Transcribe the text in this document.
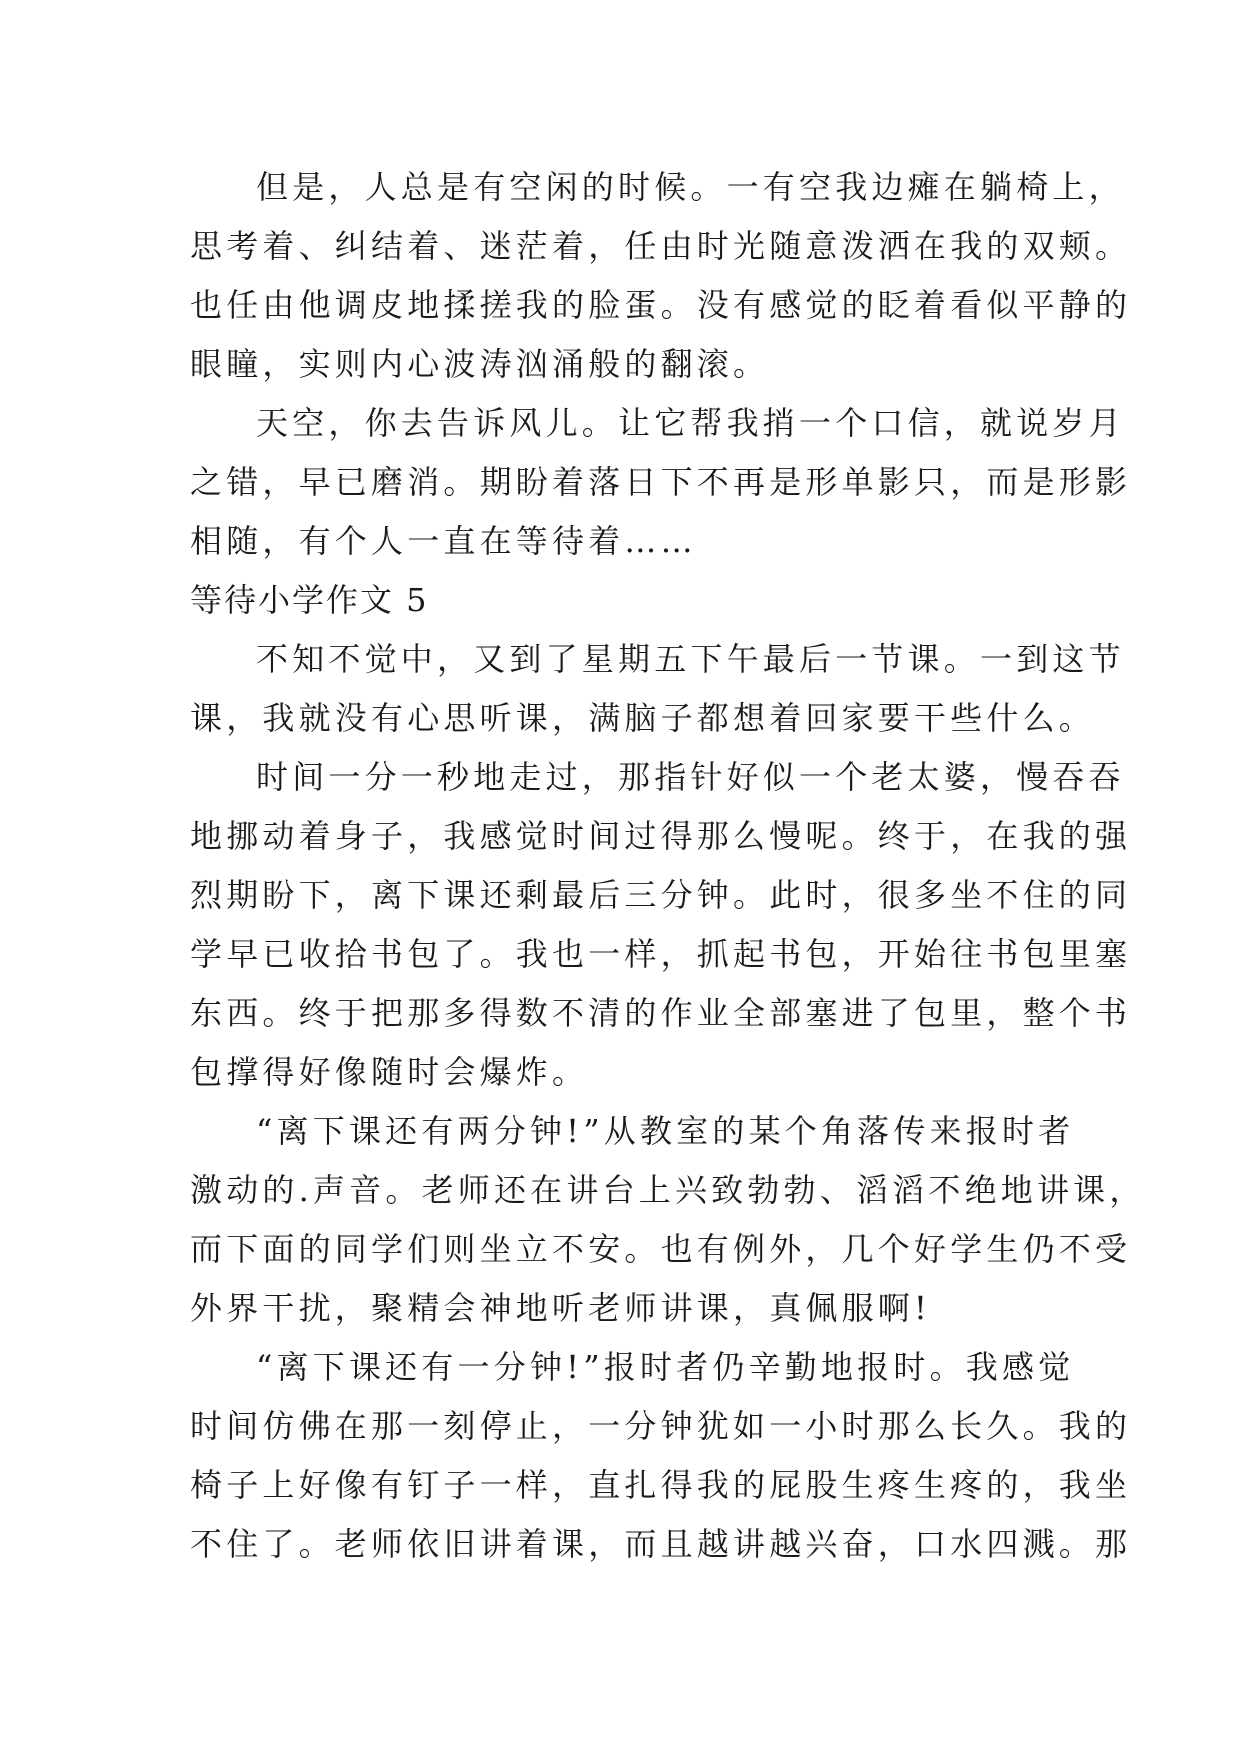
但是，人总是有空闲的时候。一有空我边瘫在躺椅上，
思考着、纠结着、迷茫着，任由时光随意泼洒在我的双颊。
也任由他调皮地揉搓我的脸蛋。没有感觉的眨着看似平静的
眼瞳，实则内心波涛汹涌般的翻滚。
天空，你去告诉风儿。让它帮我捎一个口信，就说岁月
之错，早已磨消。期盼着落日下不再是形单影只，而是形影
相随，有个人一直在等待着……
等待小学作文 5
不知不觉中，又到了星期五下午最后一节课。一到这节
课，我就没有心思听课，满脑子都想着回家要干些什么。
时间一分一秒地走过，那指针好似一个老太婆，慢吞吞
地挪动着身子，我感觉时间过得那么慢呢。终于，在我的强
烈期盼下，离下课还剩最后三分钟。此时，很多坐不住的同
学早已收拾书包了。我也一样，抓起书包，开始往书包里塞
东西。终于把那多得数不清的作业全部塞进了包里，整个书
包撑得好像随时会爆炸。
“离下课还有两分钟!”从教室的某个角落传来报时者
激动的.声音。老师还在讲台上兴致勃勃、滔滔不绝地讲课，
而下面的同学们则坐立不安。也有例外，几个好学生仍不受
外界干扰，聚精会神地听老师讲课，真佩服啊!
“离下课还有一分钟!”报时者仍辛勤地报时。我感觉
时间仿佛在那一刻停止，一分钟犹如一小时那么长久。我的
椅子上好像有钉子一样，直扎得我的屁股生疼生疼的，我坐
不住了。老师依旧讲着课，而且越讲越兴奋，口水四溅。那
